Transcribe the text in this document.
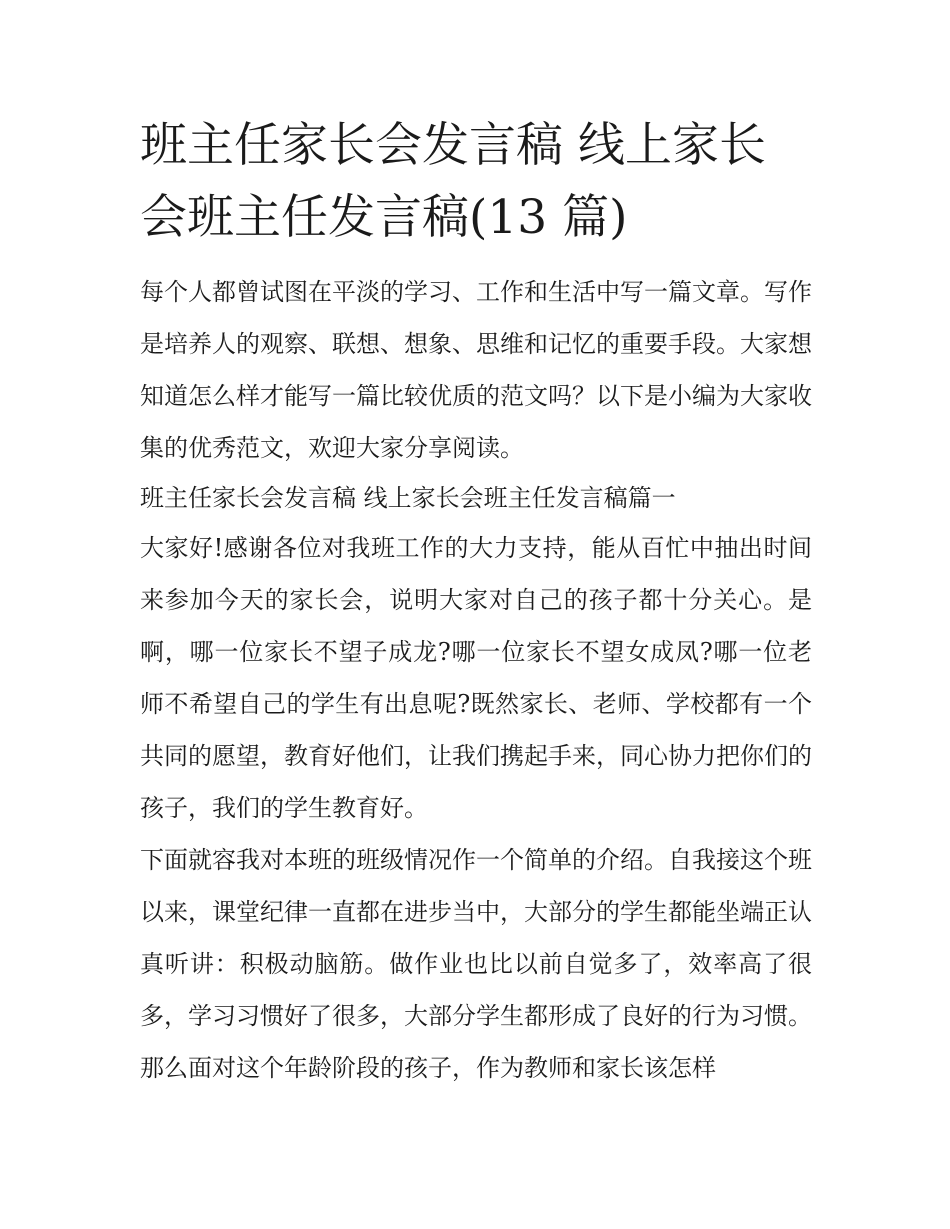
班主任家长会发言稿 线上家长会班主任发言稿(13 篇)

每个人都曾试图在平淡的学习、工作和生活中写一篇文章。写作是培养人的观察、联想、想象、思维和记忆的重要手段。大家想知道怎么样才能写一篇比较优质的范文吗？以下是小编为大家收集的优秀范文，欢迎大家分享阅读。

班主任家长会发言稿 线上家长会班主任发言稿篇一

大家好!感谢各位对我班工作的大力支持，能从百忙中抽出时间来参加今天的家长会，说明大家对自己的孩子都十分关心。是啊，哪一位家长不望子成龙?哪一位家长不望女成凤?哪一位老师不希望自己的学生有出息呢?既然家长、老师、学校都有一个共同的愿望，教育好他们，让我们携起手来，同心协力把你们的孩子，我们的学生教育好。

下面就容我对本班的班级情况作一个简单的介绍。自我接这个班以来，课堂纪律一直都在进步当中，大部分的学生都能坐端正认真听讲：积极动脑筋。做作业也比以前自觉多了，效率高了很多，学习习惯好了很多，大部分学生都形成了良好的行为习惯。那么面对这个年龄阶段的孩子，作为教师和家长该怎样
